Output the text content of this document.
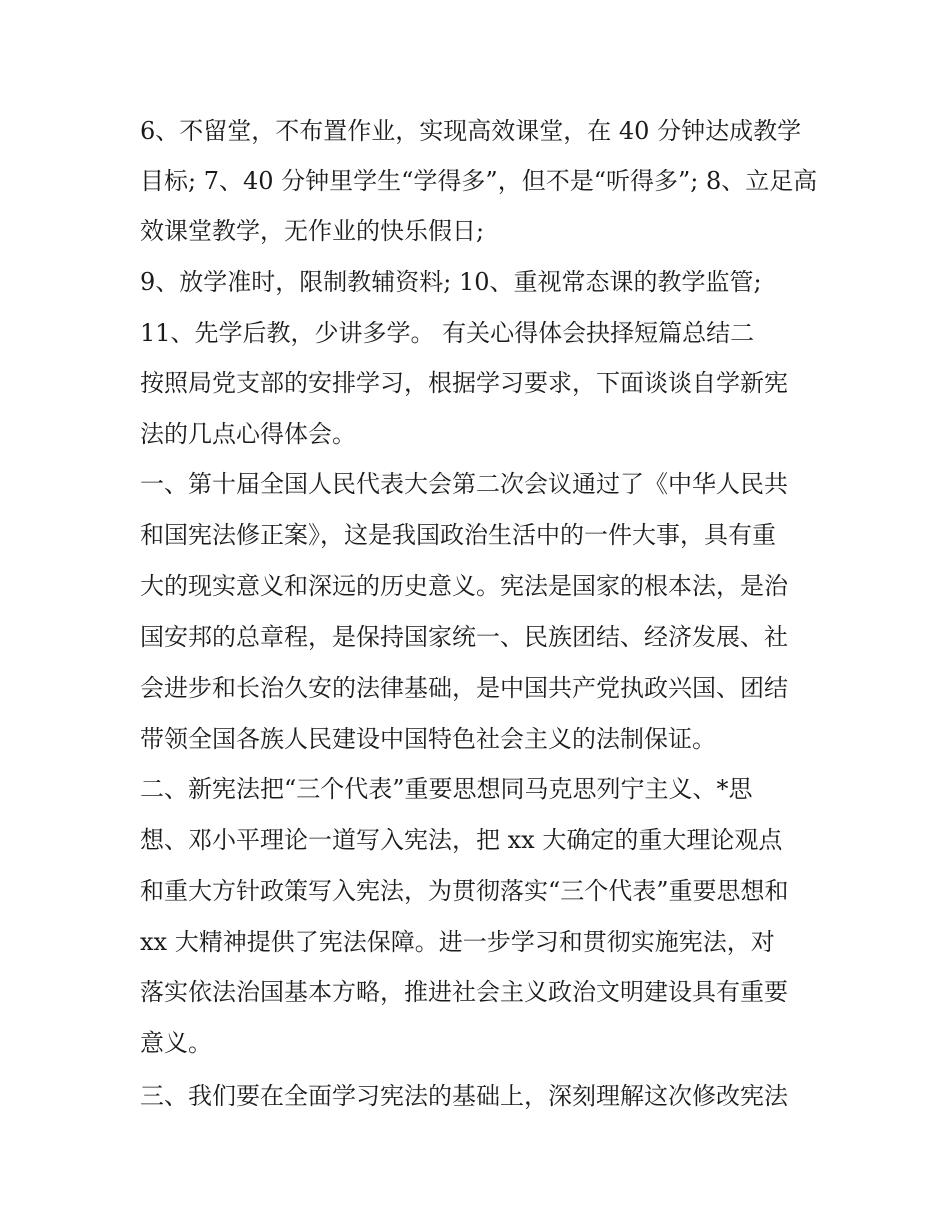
6、不留堂，不布置作业，实现高效课堂，在 40 分钟达成教学
目标; 7、40 分钟里学生“学得多”，但不是“听得多”; 8、立足高
效课堂教学，无作业的快乐假日;
9、放学准时，限制教辅资料; 10、重视常态课的教学监管;
11、先学后教，少讲多学。 有关心得体会抉择短篇总结二
按照局党支部的安排学习，根据学习要求，下面谈谈自学新宪
法的几点心得体会。
一、第十届全国人民代表大会第二次会议通过了《中华人民共
和国宪法修正案》，这是我国政治生活中的一件大事，具有重
大的现实意义和深远的历史意义。宪法是国家的根本法，是治
国安邦的总章程，是保持国家统一、民族团结、经济发展、社
会进步和长治久安的法律基础，是中国共产党执政兴国、团结
带领全国各族人民建设中国特色社会主义的法制保证。
二、新宪法把“三个代表”重要思想同马克思列宁主义、*思
想、邓小平理论一道写入宪法，把 xx 大确定的重大理论观点
和重大方针政策写入宪法，为贯彻落实“三个代表”重要思想和
xx 大精神提供了宪法保障。进一步学习和贯彻实施宪法，对
落实依法治国基本方略，推进社会主义政治文明建设具有重要
意义。
三、我们要在全面学习宪法的基础上，深刻理解这次修改宪法
